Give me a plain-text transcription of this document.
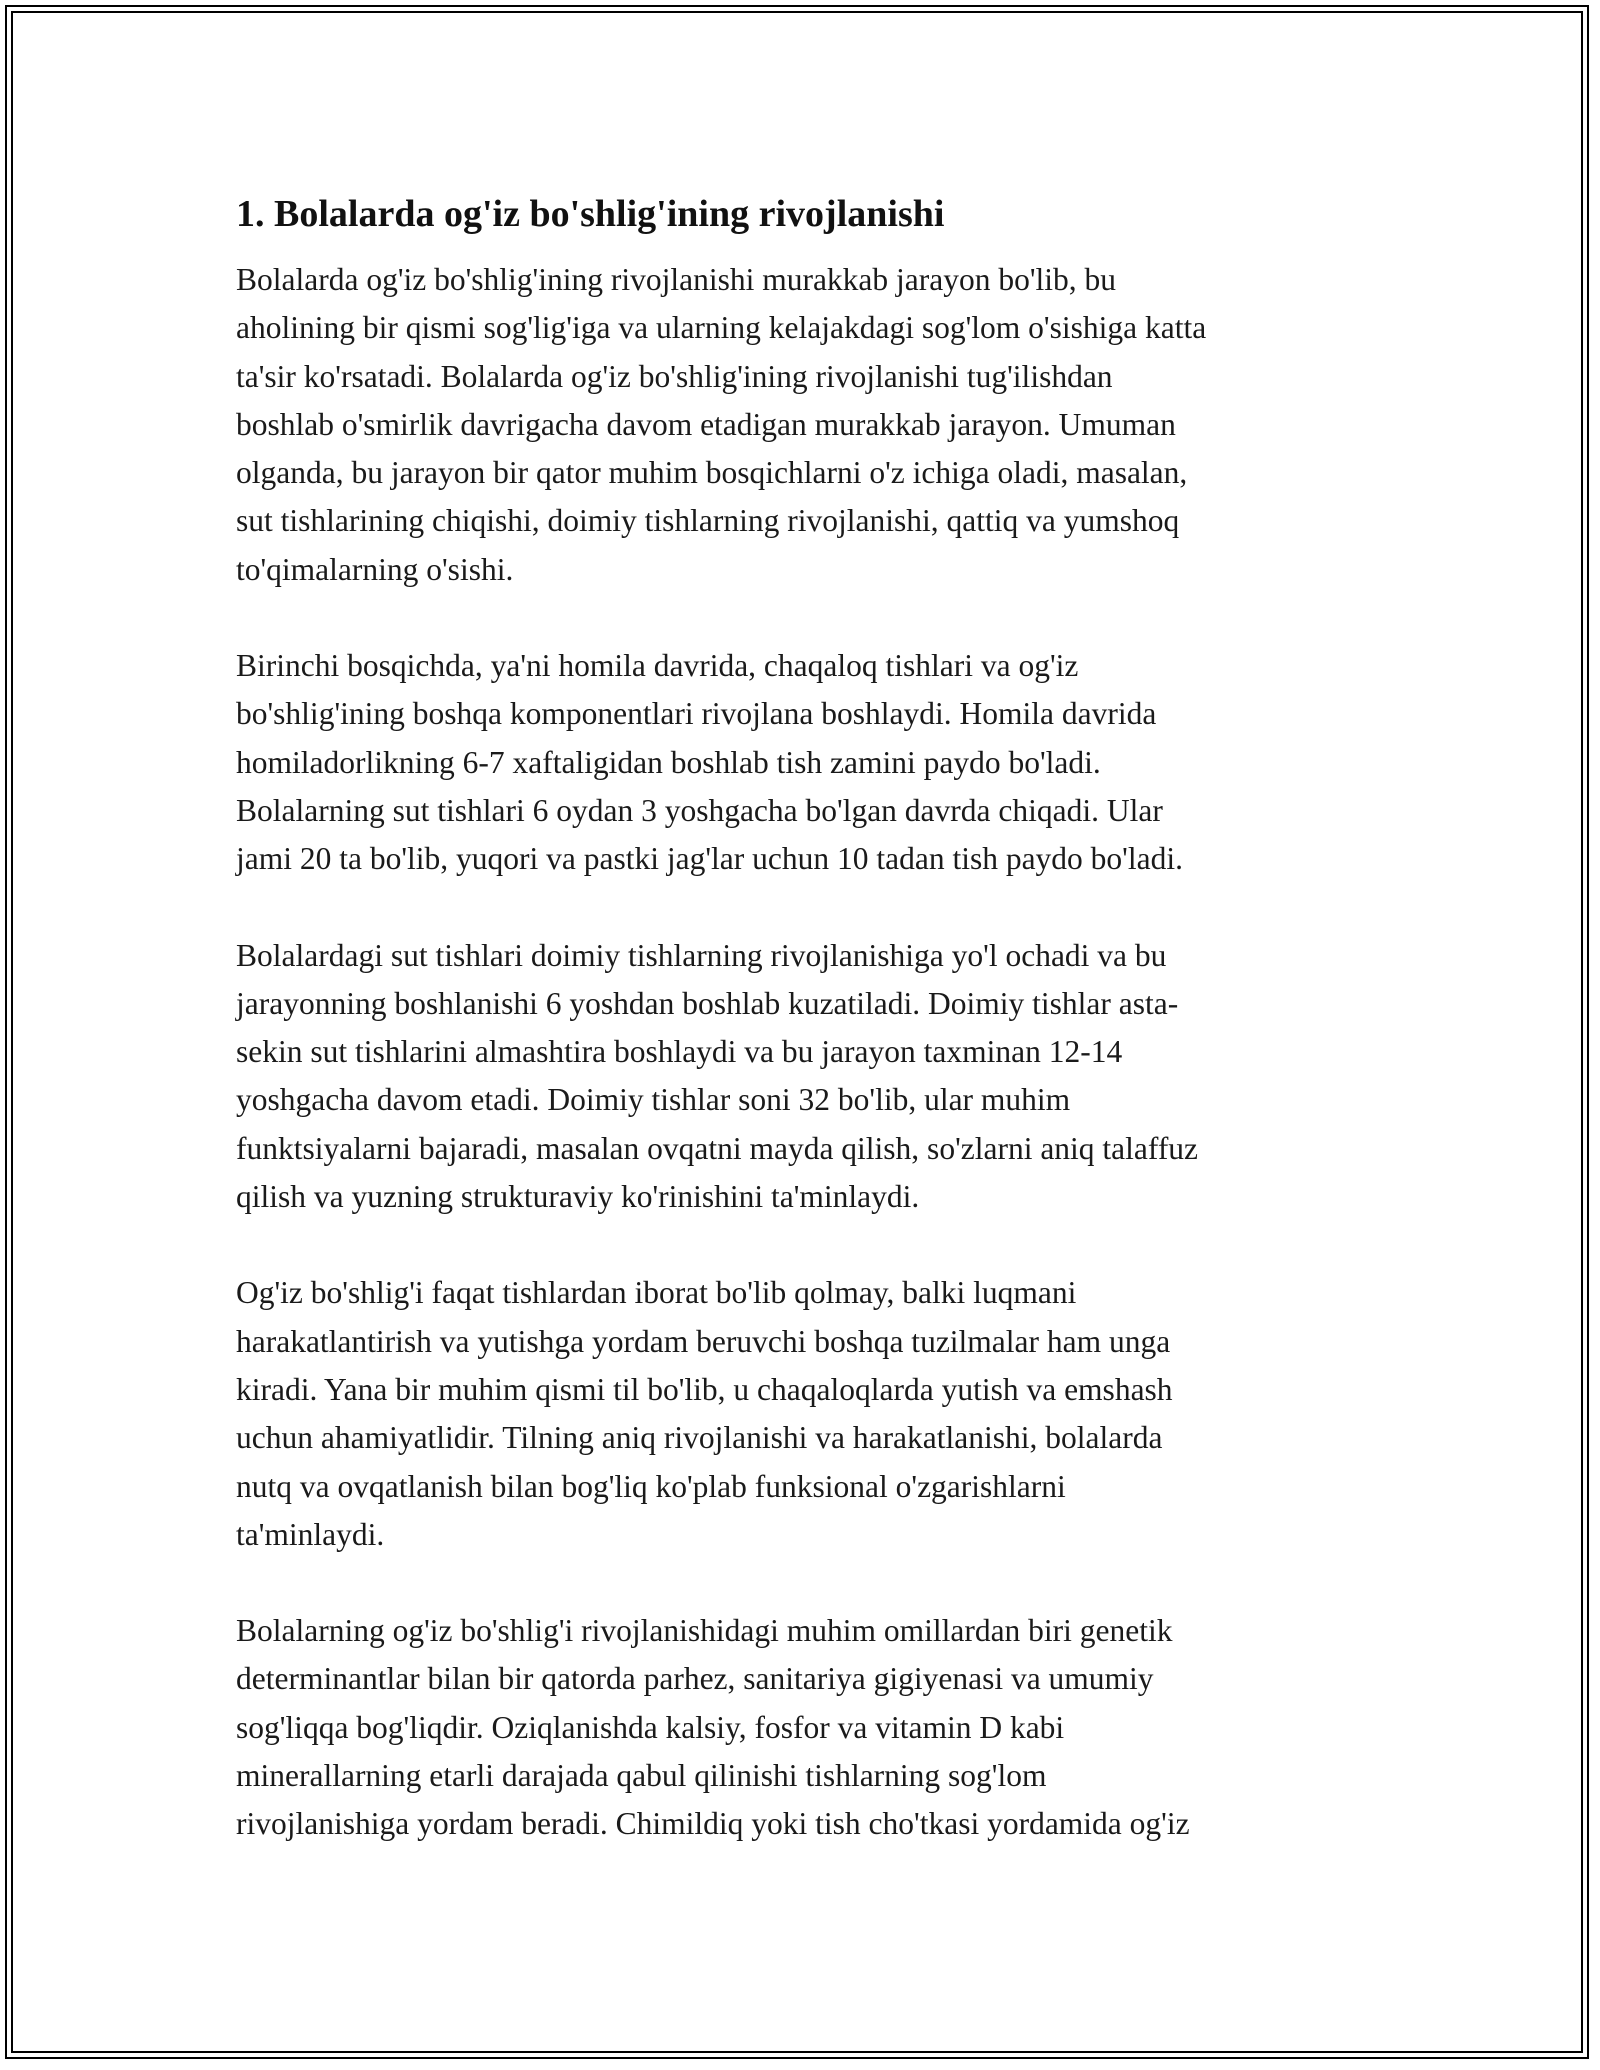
1. Bolalarda og'iz bo'shlig'ining rivojlanishi

Bolalarda og'iz bo'shlig'ining rivojlanishi murakkab jarayon bo'lib, bu
aholining bir qismi sog'lig'iga va ularning kelajakdagi sog'lom o'sishiga katta
ta'sir ko'rsatadi. Bolalarda og'iz bo'shlig'ining rivojlanishi tug'ilishdan
boshlab o'smirlik davrigacha davom etadigan murakkab jarayon. Umuman
olganda, bu jarayon bir qator muhim bosqichlarni o'z ichiga oladi, masalan,
sut tishlarining chiqishi, doimiy tishlarning rivojlanishi, qattiq va yumshoq
to'qimalarning o'sishi.

Birinchi bosqichda, ya'ni homila davrida, chaqaloq tishlari va og'iz
bo'shlig'ining boshqa komponentlari rivojlana boshlaydi. Homila davrida
homiladorlikning 6-7 xaftaligidan boshlab tish zamini paydo bo'ladi.
Bolalarning sut tishlari 6 oydan 3 yoshgacha bo'lgan davrda chiqadi. Ular
jami 20 ta bo'lib, yuqori va pastki jag'lar uchun 10 tadan tish paydo bo'ladi.

Bolalardagi sut tishlari doimiy tishlarning rivojlanishiga yo'l ochadi va bu
jarayonning boshlanishi 6 yoshdan boshlab kuzatiladi. Doimiy tishlar asta-
sekin sut tishlarini almashtira boshlaydi va bu jarayon taxminan 12-14
yoshgacha davom etadi. Doimiy tishlar soni 32 bo'lib, ular muhim
funktsiyalarni bajaradi, masalan ovqatni mayda qilish, so'zlarni aniq talaffuz
qilish va yuzning strukturaviy ko'rinishini ta'minlaydi.

Og'iz bo'shlig'i faqat tishlardan iborat bo'lib qolmay, balki luqmani
harakatlantirish va yutishga yordam beruvchi boshqa tuzilmalar ham unga
kiradi. Yana bir muhim qismi til bo'lib, u chaqaloqlarda yutish va emshash
uchun ahamiyatlidir. Tilning aniq rivojlanishi va harakatlanishi, bolalarda
nutq va ovqatlanish bilan bog'liq ko'plab funksional o'zgarishlarni
ta'minlaydi.

Bolalarning og'iz bo'shlig'i rivojlanishidagi muhim omillardan biri genetik
determinantlar bilan bir qatorda parhez, sanitariya gigiyenasi va umumiy
sog'liqqa bog'liqdir. Oziqlanishda kalsiy, fosfor va vitamin D kabi
minerallarning etarli darajada qabul qilinishi tishlarning sog'lom
rivojlanishiga yordam beradi. Chimildiq yoki tish cho'tkasi yordamida og'iz
